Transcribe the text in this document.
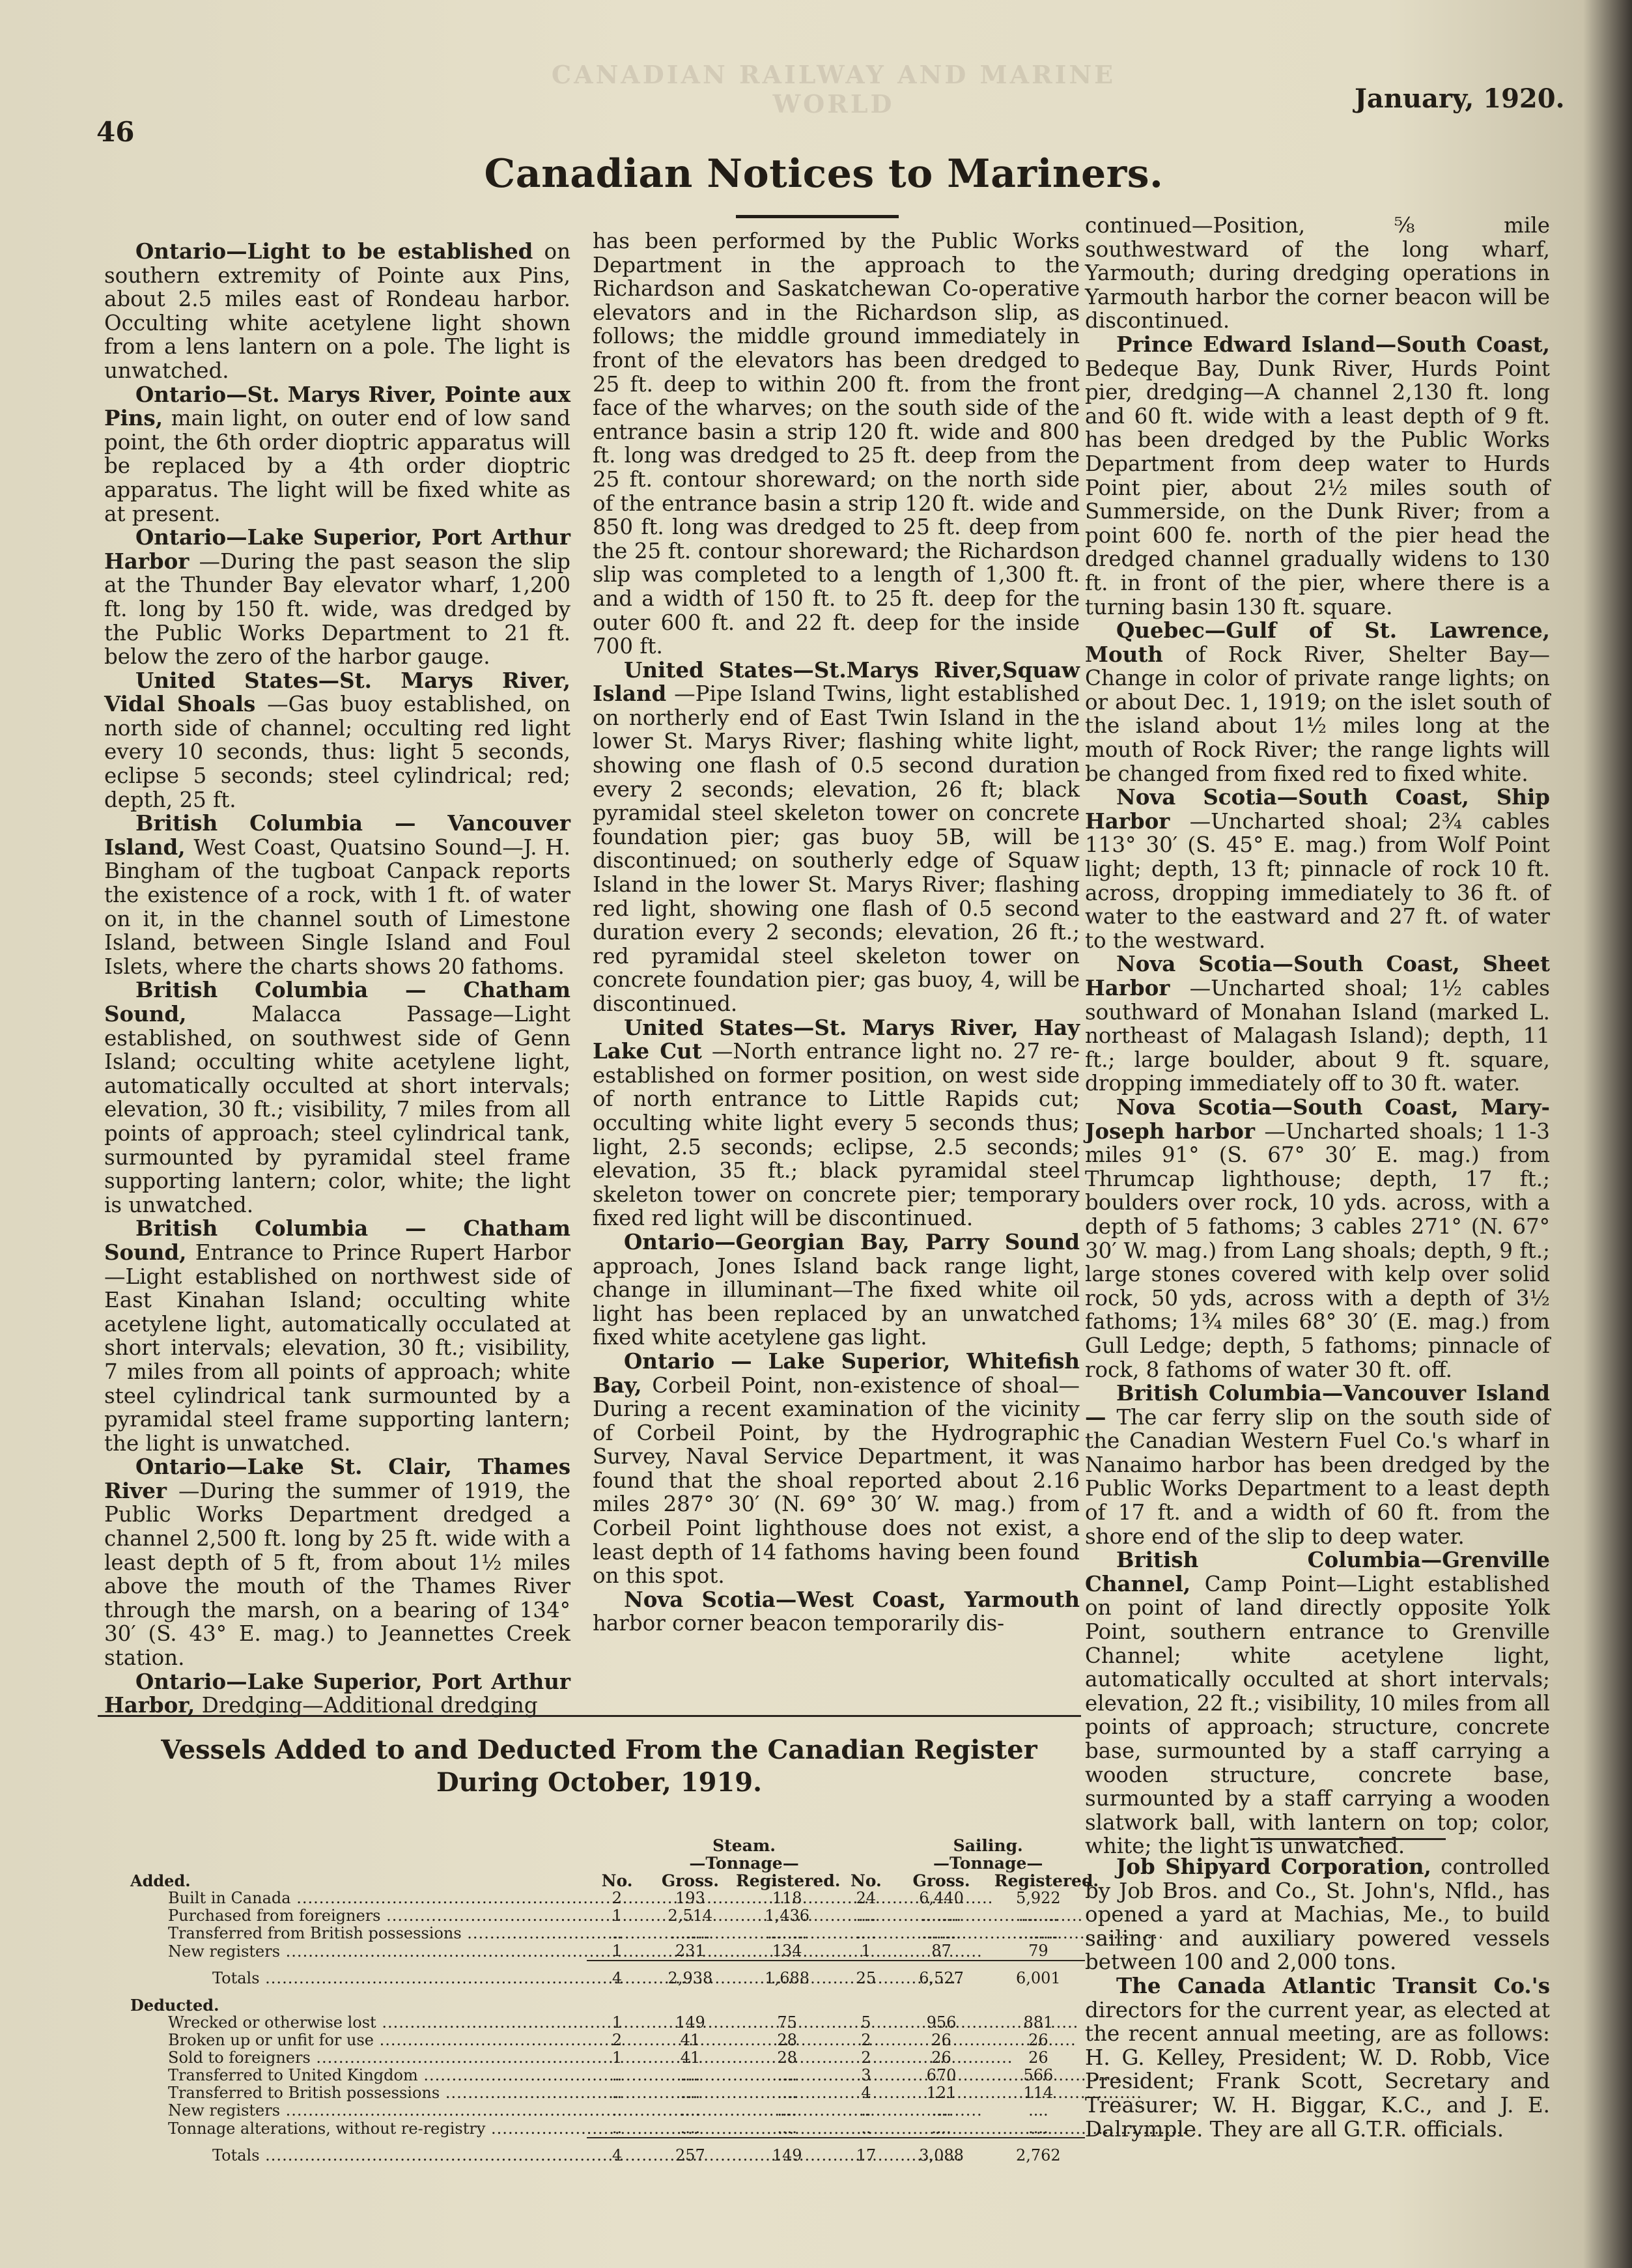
CANADIAN RAILWAY AND MARINE WORLD
46
January, 1920.
Canadian Notices to Mariners.

Ontario—Light to be established on southern extremity of Pointe aux Pins, about 2.5 miles east of Rondeau harbor. Occulting white acetylene light shown from a lens lantern on a pole. The light is unwatched.

Ontario—St. Marys River, Pointe aux Pins, main light, on outer end of low sand point, the 6th order dioptric apparatus will be replaced by a 4th order dioptric apparatus. The light will be fixed white as at present.

Ontario—Lake Superior, Port Arthur Harbor —During the past season the slip at the Thunder Bay elevator wharf, 1,200 ft. long by 150 ft. wide, was dredged by the Public Works Department to 21 ft. below the zero of the harbor gauge.

United States—St. Marys River, Vidal Shoals —Gas buoy established, on north side of channel; occulting red light every 10 seconds, thus: light 5 seconds, eclipse 5 seconds; steel cylindrical; red; depth, 25 ft.

British Columbia — Vancouver Island, West Coast, Quatsino Sound—J. H. Bingham of the tugboat Canpack reports the existence of a rock, with 1 ft. of water on it, in the channel south of Limestone Island, between Single Island and Foul Islets, where the charts shows 20 fathoms.

British Columbia — Chatham Sound,	Malacca Passage—Light established, on southwest side of Genn Island; occulting white acetylene light, automatically occulted at short intervals; elevation, 30 ft.; visibility, 7 miles from all points of approach; steel cylindrical tank, surmounted by pyramidal steel frame supporting lantern; color, white; the light is unwatched.

British Columbia — Chatham Sound, Entrance to Prince Rupert Harbor—Light established on northwest side of East Kinahan Island; occulting white acetylene light, automatically occulated at short intervals; elevation, 30 ft.; visibility, 7 miles from all points of approach; white steel cylindrical tank surmounted by a pyramidal steel frame supporting lantern; the light is unwatched.

Ontario—Lake St. Clair, Thames River —During the summer of 1919, the Public Works Department dredged a channel 2,500 ft. long by 25 ft. wide with a least depth of 5 ft, from about 1½ miles above the mouth of the Thames River through the marsh, on a bearing of 134° 30′ (S. 43° E. mag.) to Jeannettes Creek station.

Ontario—Lake Superior, Port Arthur Harbor, Dredging—Additional dredging

has been performed by the Public Works Department in the approach to the Richardson and Saskatchewan Co-operative elevators and in the Richardson slip, as follows; the middle ground immediately in front of the elevators has been dredged to 25 ft. deep to within 200 ft. from the front face of the wharves; on the south side of the entrance basin a strip 120 ft. wide and 800 ft. long was dredged to 25 ft. deep from the 25 ft. contour shoreward; on the north side of the entrance basin a strip 120 ft. wide and 850 ft. long was dredged to 25 ft. deep from the 25 ft. contour shoreward; the Richardson slip was completed to a length of 1,300 ft. and a width of 150 ft. to 25 ft. deep for the outer 600 ft. and 22 ft. deep for the inside 700 ft.

United States—St.Marys River,Squaw Island —Pipe Island Twins, light established on northerly end of East Twin Island in the lower St. Marys River; flashing white light, showing one flash of 0.5 second duration every 2 seconds; elevation, 26 ft; black pyramidal steel skeleton tower on concrete foundation pier; gas buoy 5B, will be discontinued; on southerly edge of Squaw Island in the lower St. Marys River; flashing red light, showing one flash of 0.5 second duration every 2 seconds; elevation, 26 ft.; red pyramidal steel skeleton tower on concrete foundation pier; gas buoy, 4, will be discontinued.

United States—St. Marys River, Hay Lake Cut —North entrance light no. 27 re-established on former position, on west side of north entrance to Little Rapids cut; occulting white light every 5 seconds thus; light, 2.5 seconds; eclipse, 2.5 seconds; elevation, 35 ft.; black pyramidal steel skeleton tower on concrete pier; temporary fixed red light will be discontinued.

Ontario—Georgian Bay, Parry Sound approach, Jones Island back range light, change in illuminant—The fixed white oil light has been replaced by an unwatched fixed white acetylene gas light.

Ontario — Lake Superior, Whitefish Bay, Corbeil Point, non-existence of shoal—During a recent examination of the vicinity of Corbeil Point, by the Hydrographic Survey, Naval Service Department, it was found that the shoal reported about 2.16 miles 287° 30′ (N. 69° 30′ W. mag.) from Corbeil Point lighthouse does not exist, a least depth of 14 fathoms having been found on this spot.

Nova Scotia—West Coast, Yarmouth harbor corner beacon temporarily dis-

continued—Position, ⅝ mile southwestward of the long wharf, Yarmouth; during dredging operations in Yarmouth harbor the corner beacon will be discontinued.

Prince Edward Island—South Coast, Bedeque Bay, Dunk River, Hurds Point pier, dredging—A channel 2,130 ft. long and 60 ft. wide with a least depth of 9 ft. has been dredged by the Public Works Department from deep water to Hurds Point pier, about 2½ miles south of Summerside, on the Dunk River; from a point 600 fe. north of the pier head the dredged channel gradually widens to 130 ft. in front of the pier, where there is a turning basin 130 ft. square.

Quebec—Gulf of St. Lawrence, Mouth of Rock River, Shelter Bay—Change in color of private range lights; on or about Dec. 1, 1919; on the islet south of the island about 1½ miles long at the mouth of Rock River; the range lights will be changed from fixed red to fixed white.

Nova Scotia—South Coast, Ship Harbor —Uncharted shoal; 2¾ cables 113° 30′ (S. 45° E. mag.) from Wolf Point light; depth, 13 ft; pinnacle of rock 10 ft. across, dropping immediately to 36 ft. of water to the eastward and 27 ft. of water to the westward.

Nova Scotia—South Coast, Sheet Harbor —Uncharted shoal; 1½ cables southward of Monahan Island (marked L. northeast of Malagash Island); depth, 11 ft.; large boulder, about 9 ft. square, dropping immediately off to 30 ft. water.

Nova Scotia—South Coast, Mary-Joseph harbor —Uncharted shoals; 1 1-3 miles 91° (S. 67° 30′ E. mag.) from Thrumcap lighthouse; depth, 17 ft.; boulders over rock, 10 yds. across, with a depth of 5 fathoms; 3 cables 271° (N. 67° 30′ W. mag.) from Lang shoals; depth, 9 ft.; large stones covered with kelp over solid rock, 50 yds, across with a depth of 3½ fathoms; 1¾ miles 68° 30′ (E. mag.) from Gull Ledge; depth, 5 fathoms; pinnacle of rock, 8 fathoms of water 30 ft. off.

British Columbia—Vancouver Island— The car ferry slip on the south side of the Canadian Western Fuel Co.'s wharf in Nanaimo harbor has been dredged by the Public Works Department to a least depth of 17 ft. and a width of 60 ft. from the shore end of the slip to deep water.

British Columbia—Grenville Channel, Camp Point—Light established on point of land directly opposite Yolk Point, southern entrance to Grenville Channel; white acetylene light, automatically occulted at short intervals; elevation, 22 ft.; visibility, 10 miles from all points of approach; structure, concrete base, surmounted by a staff carrying a wooden structure, concrete base, surmounted by a staff carrying a wooden slatwork ball, with lantern on top; color, white; the light is unwatched.

Vessels Added to and Deducted From the Canadian Register During October, 1919.
		Steam.			Sailing.	
		—Tonnage—			—Tonnage—	
Added.	No.	Gross.	Registered.	No.	Gross.	Registered.
Built in Canada .....	2	193	118	24	6,440	5,922
Purchased from foreigners .....	1	2,514	1,436	....	........	........
Transferred from British possessions .....	..	........	........	....	........	........
New registers .....	1	231	134	1	87	79

Totals .....	4	2,938	1,688	25	6,527	6,001

Deducted.						
Wrecked or otherwise lost .....	1	149	75	5	956	881
Broken up or unfit for use .....	2	41	28	2	26	26
Sold to foreigners .....	1	41	28	2	26	26
Transferred to United Kingdom .....	..	....	....	3	670	566
Transferred to British possessions .....	..	....	....	4	121	114
New registers .....	..	....	....	..	....	....
Tonnage alterations, without re-registry .....	..	....	....	..	....	....

Totals .....	4	257	149	17	3,088	2,762

Job Shipyard Corporation, controlled by Job Bros. and Co., St. John's, Nfld., has opened a yard at Machias, Me., to build sailing and auxiliary powered vessels between 100 and 2,000 tons.

The Canada Atlantic Transit Co.'s directors for the current year, as elected at the recent annual meeting, are as follows: H. G. Kelley, President; W. D. Robb, Vice President; Frank Scott, Secretary and Treasurer; W. H. Biggar, K.C., and J. E. Dalrymple. They are all G.T.R. officials.
